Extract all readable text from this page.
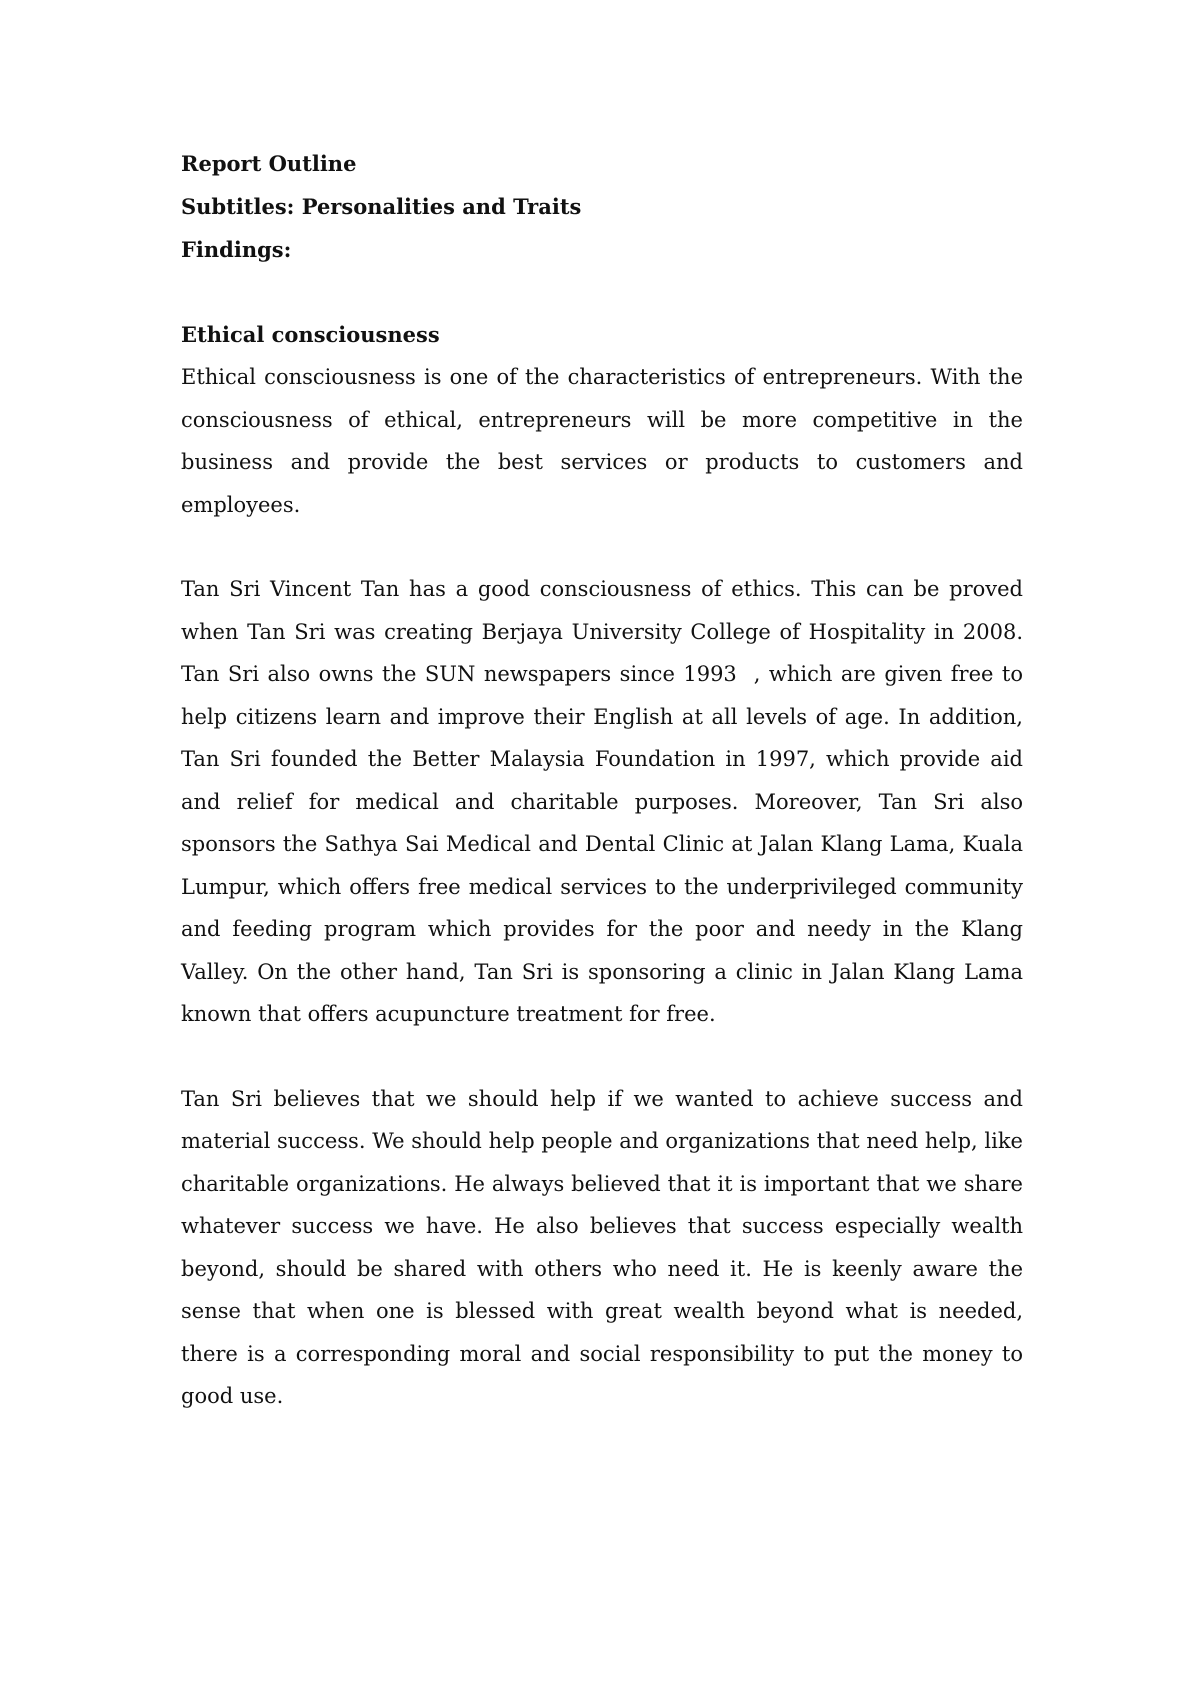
Report Outline

Subtitles: Personalities and Traits

Findings:

Ethical consciousness

Ethical consciousness is one of the characteristics of entrepreneurs. With the consciousness of ethical, entrepreneurs will be more competitive in the business and provide the best services or products to customers and employees.

Tan Sri Vincent Tan has a good consciousness of ethics. This can be proved when Tan Sri was creating Berjaya University College of Hospitality in 2008. Tan Sri also owns the SUN newspapers since 1993  , which are given free to help citizens learn and improve their English at all levels of age. In addition, Tan Sri founded the Better Malaysia Foundation in 1997, which provide aid and relief for medical and charitable purposes. Moreover, Tan Sri also sponsors the Sathya Sai Medical and Dental Clinic at Jalan Klang Lama, Kuala Lumpur, which offers free medical services to the underprivileged community and feeding program which provides for the poor and needy in the Klang Valley. On the other hand, Tan Sri is sponsoring a clinic in Jalan Klang Lama known that offers acupuncture treatment for free.

Tan Sri believes that we should help if we wanted to achieve success and material success. We should help people and organizations that need help, like charitable organizations. He always believed that it is important that we share whatever success we have. He also believes that success especially wealth beyond, should be shared with others who need it. He is keenly aware the sense that when one is blessed with great wealth beyond what is needed, there is a corresponding moral and social responsibility to put the money to good use.
